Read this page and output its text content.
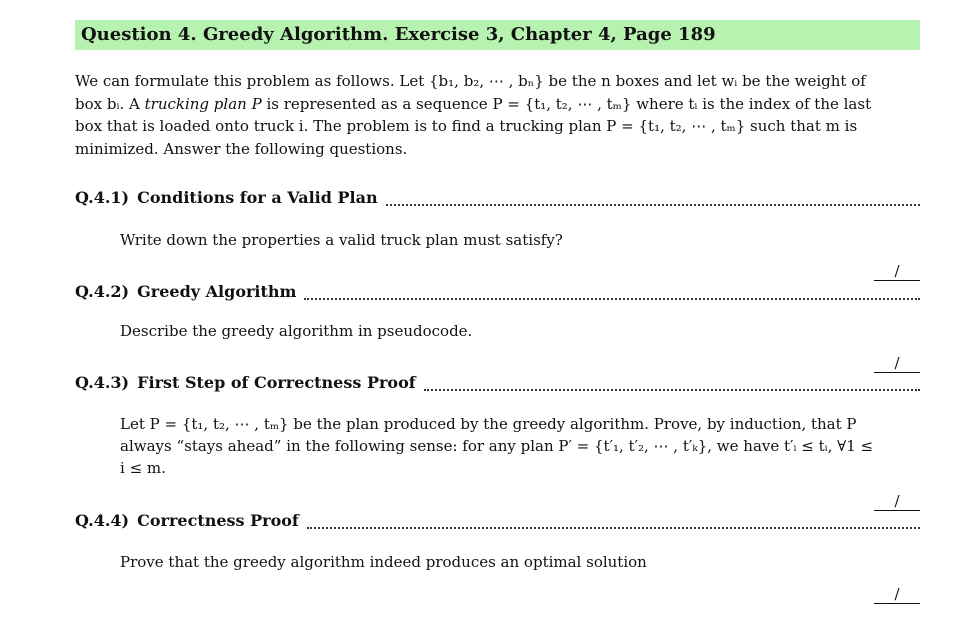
Question 4. Greedy Algorithm. Exercise 3, Chapter 4, Page 189
We can formulate this problem as follows. Let {b₁, b₂, ⋯ , bₙ} be the n boxes and let wᵢ be the weight of
box bᵢ. A trucking plan P is represented as a sequence P = {t₁, t₂, ⋯ , tₘ} where tᵢ is the index of the last
box that is loaded onto truck i. The problem is to find a trucking plan P = {t₁, t₂, ⋯ , tₘ} such that m is
minimized. Answer the following questions.
Q.4.1) Conditions for a Valid Plan

Write down the properties a valid truck plan must satisfy?

/
Q.4.2) Greedy Algorithm

Describe the greedy algorithm in pseudocode.

/
Q.4.3) First Step of Correctness Proof
Let P = {t₁, t₂, ⋯ , tₘ} be the plan produced by the greedy algorithm. Prove, by induction, that P
always “stays ahead” in the following sense: for any plan P′ = {t′₁, t′₂, ⋯ , t′ₖ}, we have t′ᵢ ≤ tᵢ, ∀1 ≤
i ≤ m.
/
Q.4.4) Correctness Proof

Prove that the greedy algorithm indeed produces an optimal solution

/
